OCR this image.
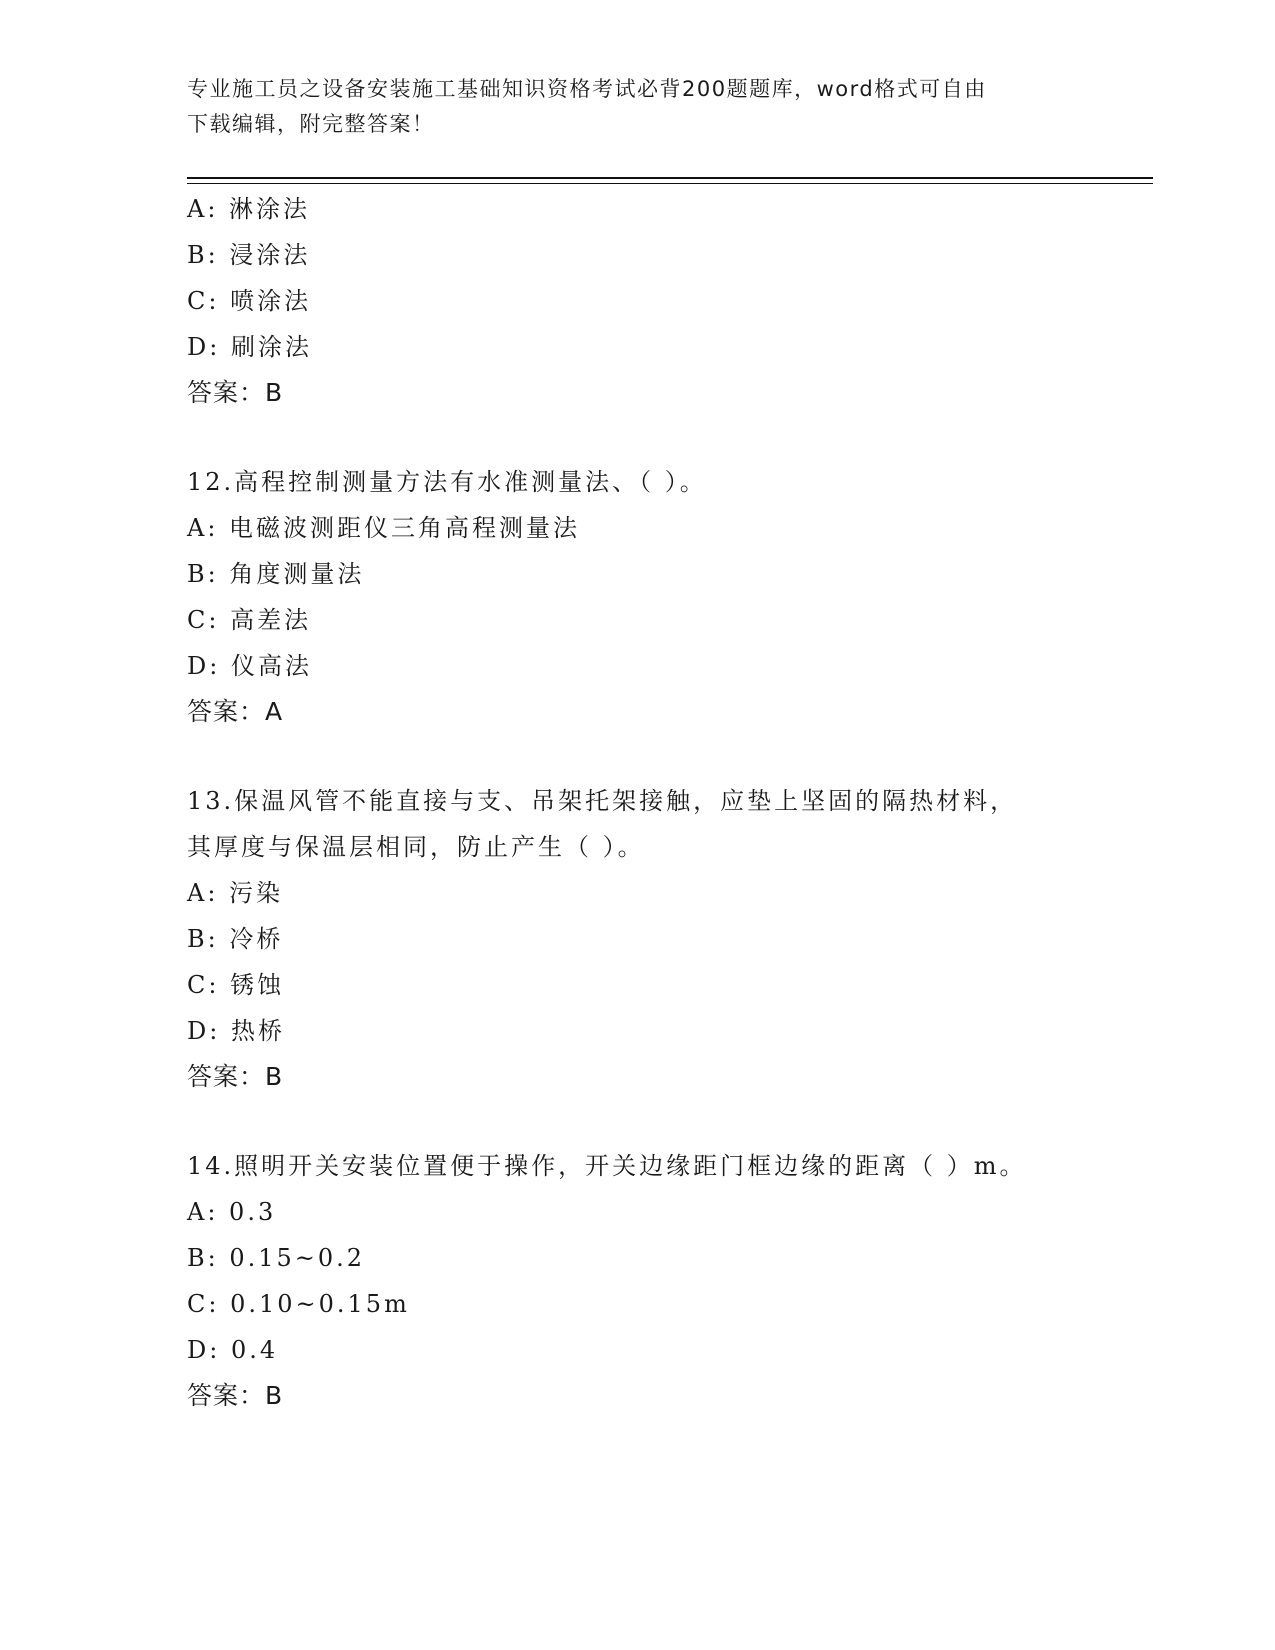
专业施工员之设备安装施工基础知识资格考试必背200题题库，word格式可自由
下载编辑，附完整答案！
A: 淋涂法
B: 浸涂法
C: 喷涂法
D: 刷涂法
答案：B
12.高程控制测量方法有水准测量法、（ ）。
A: 电磁波测距仪三角高程测量法
B: 角度测量法
C: 高差法
D: 仪高法
答案：A
13.保温风管不能直接与支、吊架托架接触，应垫上坚固的隔热材料，
其厚度与保温层相同，防止产生（ ）。
A: 污染
B: 冷桥
C: 锈蚀
D: 热桥
答案：B
14.照明开关安装位置便于操作，开关边缘距门框边缘的距离（ ）m。
A: 0.3
B: 0.15~0.2
C: 0.10~0.15m
D: 0.4
答案：B
